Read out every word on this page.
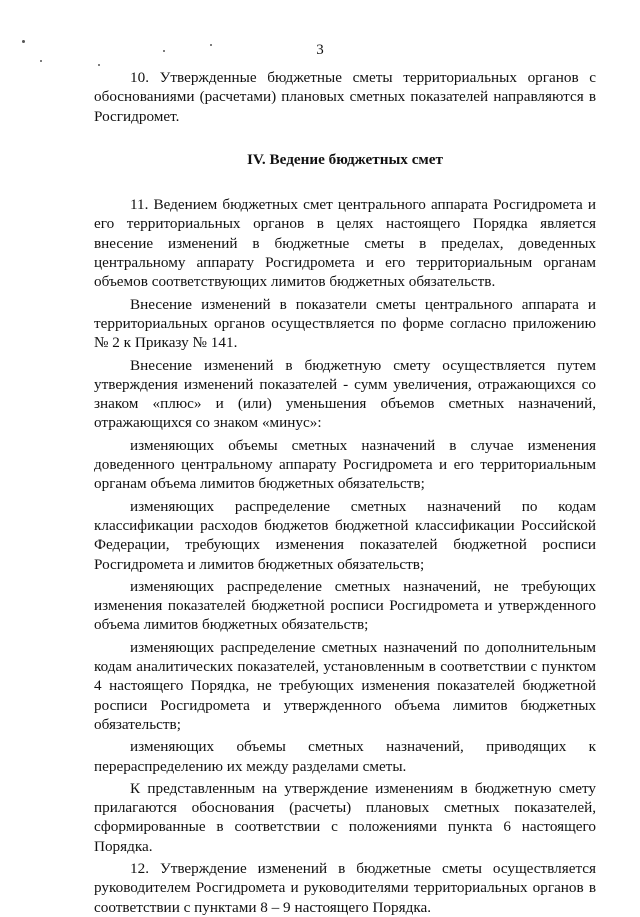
3

10. Утвержденные бюджетные сметы территориальных органов с обоснованиями (расчетами) плановых сметных показателей направляются в Росгидромет.

IV. Ведение бюджетных смет

11. Ведением бюджетных смет центрального аппарата Росгидромета и его территориальных органов в целях настоящего Порядка является внесение изменений в бюджетные сметы в пределах, доведенных центральному аппарату Росгидромета и его территориальным органам объемов соответствующих лимитов бюджетных обязательств.

Внесение изменений в показатели сметы центрального аппарата и территориальных органов осуществляется по форме согласно приложению № 2 к Приказу № 141.

Внесение изменений в бюджетную смету осуществляется путем утверждения изменений показателей - сумм увеличения, отражающихся со знаком «плюс» и (или) уменьшения объемов сметных назначений, отражающихся со знаком «минус»:

изменяющих объемы сметных назначений в случае изменения доведенного центральному аппарату Росгидромета и его территориальным органам объема лимитов бюджетных обязательств;

изменяющих распределение сметных назначений по кодам классификации расходов бюджетов бюджетной классификации Российской Федерации, требующих изменения показателей бюджетной росписи Росгидромета и лимитов бюджетных обязательств;

изменяющих распределение сметных назначений, не требующих изменения показателей бюджетной росписи Росгидромета и утвержденного объема лимитов бюджетных обязательств;

изменяющих распределение сметных назначений по дополнительным кодам аналитических показателей, установленным в соответствии с пунктом 4 настоящего Порядка, не требующих изменения показателей бюджетной росписи Росгидромета и утвержденного объема лимитов бюджетных обязательств;

изменяющих объемы сметных назначений, приводящих к перераспределению их между разделами сметы.

К представленным на утверждение изменениям в бюджетную смету прилагаются обоснования (расчеты) плановых сметных показателей, сформированные в соответствии с положениями пункта 6 настоящего Порядка.

12. Утверждение изменений в бюджетные сметы осуществляется руководителем Росгидромета и руководителями территориальных органов в соответствии с пунктами 8 – 9 настоящего Порядка.
